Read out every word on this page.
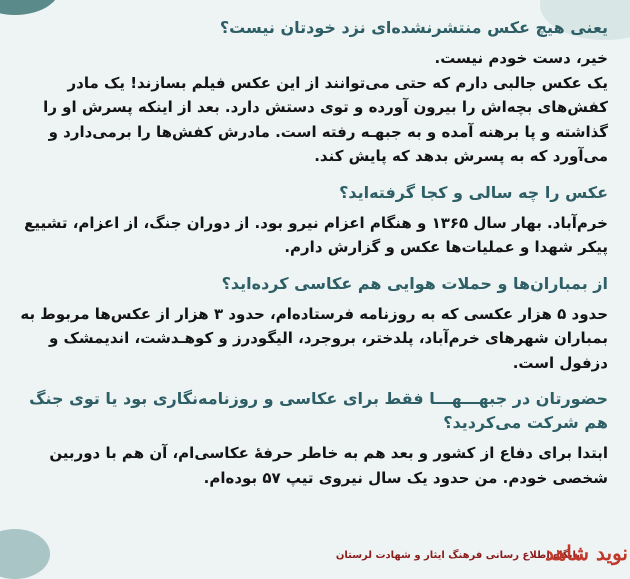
یعنی هیچ عکس منتشرنشده‌ای نزد خودتان نیست؟

خیر، دست خودم نیست.

یک عکس جالبی دارم که حتی می‌توانند از این عکس فیلم بسازند! یک مادر کفش‌های بچه‌اش را بیرون آورده و توی دستش دارد. بعد از اینکه پسرش او را گذاشته و پا برهنه آمده و به جبهـه رفته است. مادرش کفش‌ها را برمی‌دارد و می‌آورد که به پسرش بدهد که پایش کند.

عکس را چه سالی و کجا گرفته‌اید؟

خرم‌آباد. بهار سال ۱۳۶۵ و هنگام اعزام نیرو بود. از دوران جنگ، از اعزام، تشییع پیکر شهدا و عملیات‌ها عکس و گزارش دارم.

از بمباران‌ها و حملات هوایی هم عکاسی کرده‌اید؟

حدود ۵ هزار عکسی که به روزنامه فرستاده‌ام، حدود ۳ هزار از عکس‌ها مربوط به بمباران شهرهای خرم‌آباد، پلدختر، بروجرد، الیگودرز و کوهـدشت، اندیمشک و دزفول است.

حضورتان در جبهـــهـــا فقط برای عکاسی و روزنامه‌نگاری بود یا توی جنگ هم شرکت می‌کردید؟

ابتدا برای دفاع از کشور و بعد هم به خاطر حرفهٔ عکاسی‌ام، آن هم با دوربین شخصی خودم. من حدود یک سال نیروی تیپ ۵۷ بوده‌ام.

پایگاه اطلاع رسانی فرهنگ ایثار و شهادت لرستان
نوید شاهد
